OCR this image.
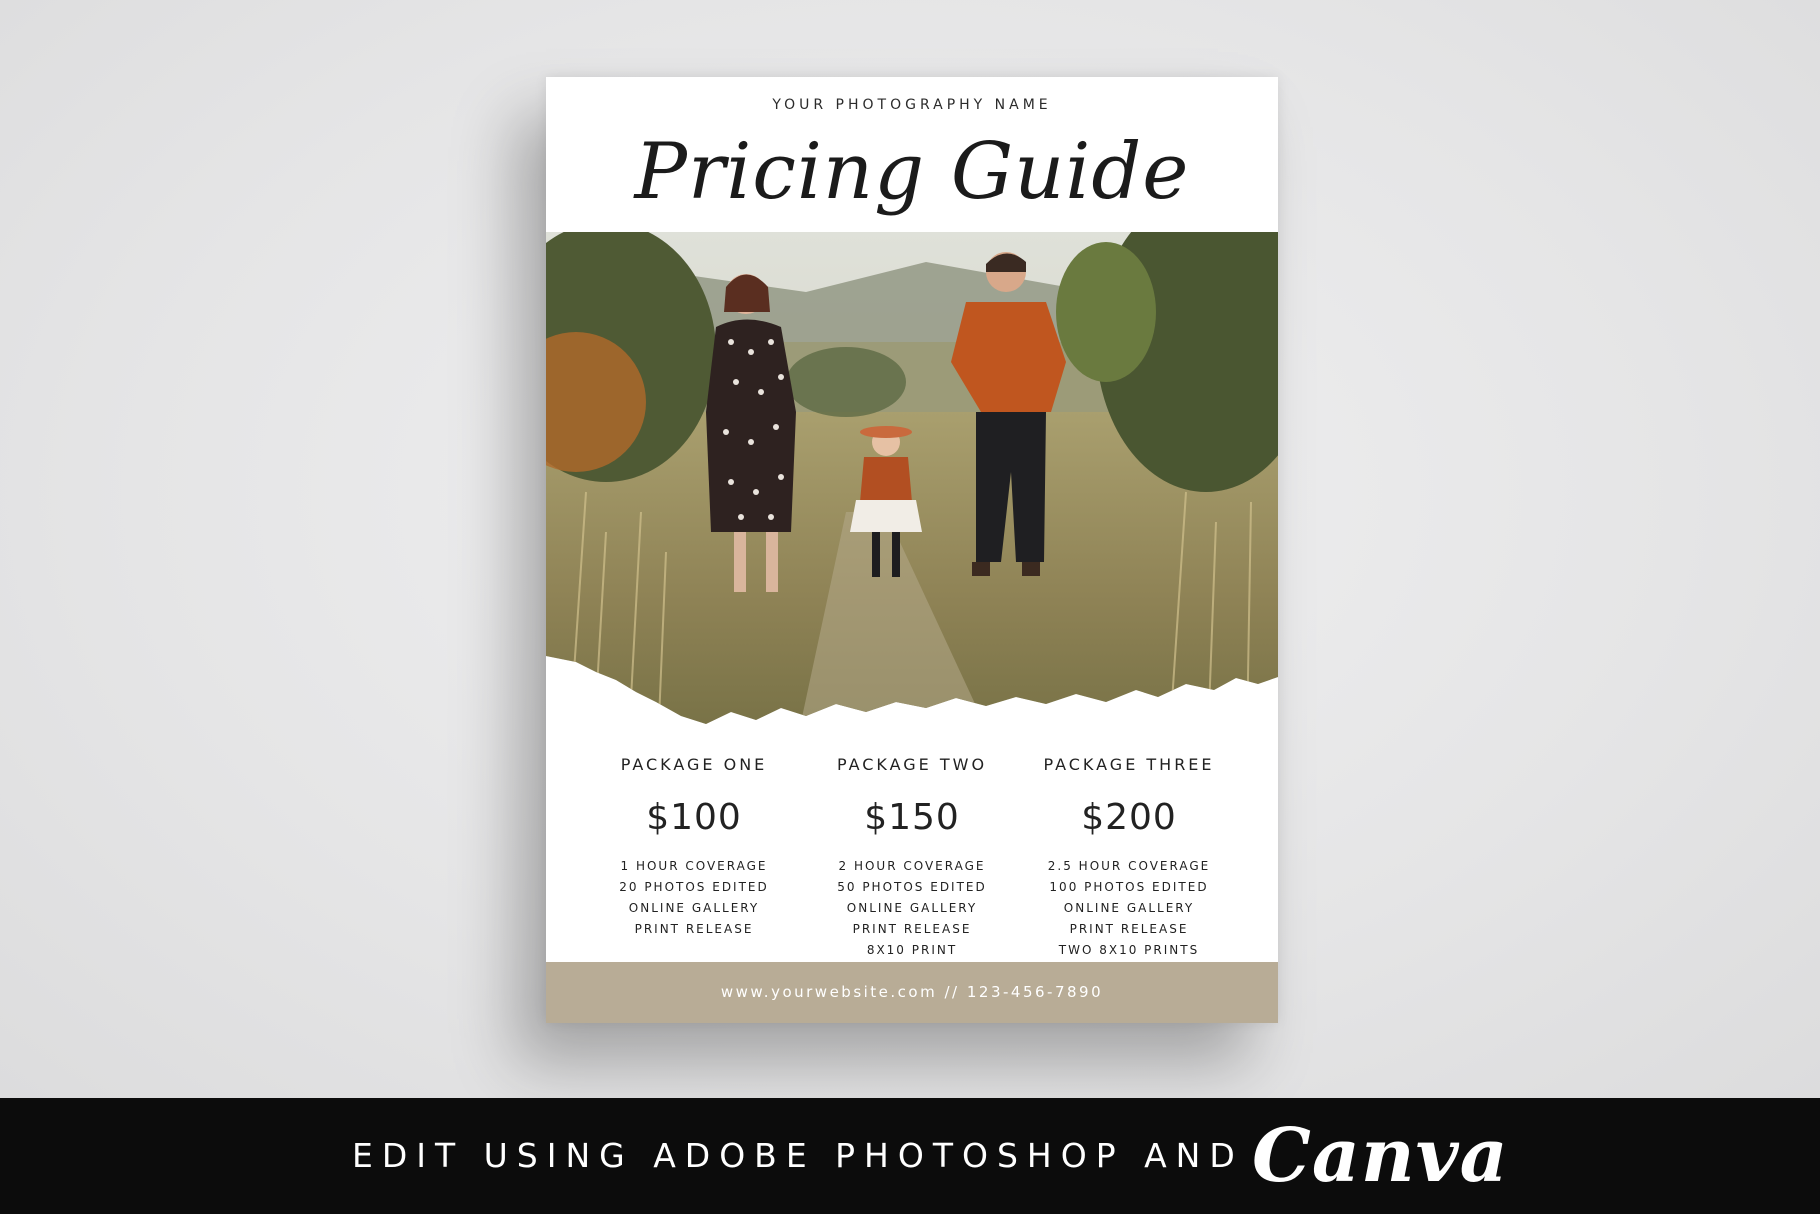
YOUR PHOTOGRAPHY NAME
Pricing Guide
PACKAGE ONE
$100
1 HOUR COVERAGE
20 PHOTOS EDITED
ONLINE GALLERY
PRINT RELEASE
PACKAGE TWO
$150
2 HOUR COVERAGE
50 PHOTOS EDITED
ONLINE GALLERY
PRINT RELEASE
8X10 PRINT
PACKAGE THREE
$200
2.5 HOUR COVERAGE
100 PHOTOS EDITED
ONLINE GALLERY
PRINT RELEASE
TWO 8X10 PRINTS
www.yourwebsite.com // 123-456-7890
EDIT USING ADOBE PHOTOSHOP AND Canva
